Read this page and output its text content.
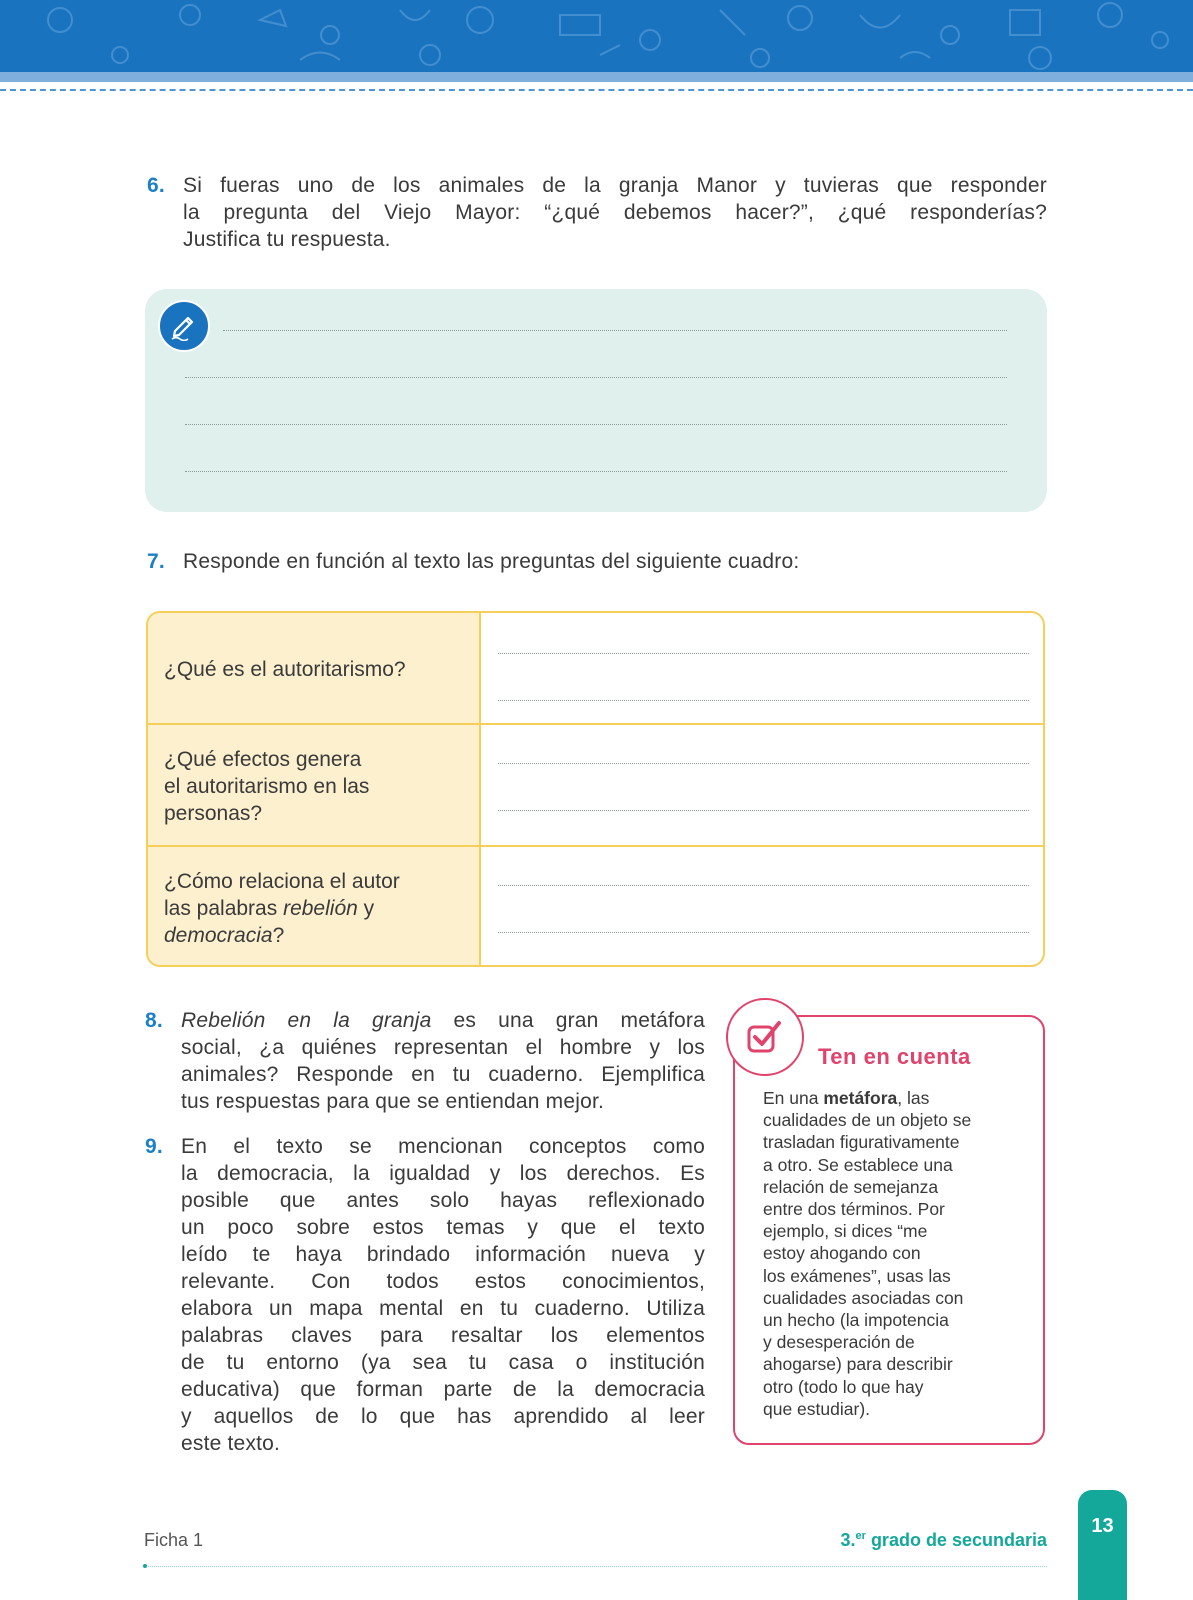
6. Si fueras uno de los animales de la granja Manor y tuvieras que responder
la pregunta del Viejo Mayor: “¿qué debemos hacer?”, ¿qué responderías?
Justifica tu respuesta.
7. Responde en función al texto las preguntas del siguiente cuadro:
¿Qué es el autoritarismo?
¿Qué efectos genera
el autoritarismo en las
personas?
¿Cómo relaciona el autor
las palabras rebelión y
democracia?
8. Rebelión en la granja es una gran metáfora
social, ¿a quiénes representan el hombre y los
animales? Responde en tu cuaderno. Ejemplifica
tus respuestas para que se entiendan mejor.
9. En el texto se mencionan conceptos como
la democracia, la igualdad y los derechos. Es
posible que antes solo hayas reflexionado
un poco sobre estos temas y que el texto
leído te haya brindado información nueva y
relevante. Con todos estos conocimientos,
elabora un mapa mental en tu cuaderno. Utiliza
palabras claves para resaltar los elementos
de tu entorno (ya sea tu casa o institución
educativa) que forman parte de la democracia
y aquellos de lo que has aprendido al leer
este texto.
Ten en cuenta
En una metáfora, las
cualidades de un objeto se
trasladan figurativamente
a otro. Se establece una
relación de semejanza
entre dos términos. Por
ejemplo, si dices “me
estoy ahogando con
los exámenes”, usas las
cualidades asociadas con
un hecho (la impotencia
y desesperación de
ahogarse) para describir
otro (todo lo que hay
que estudiar).
Ficha 1	3.$^{er}$ grado de secundaria
13
